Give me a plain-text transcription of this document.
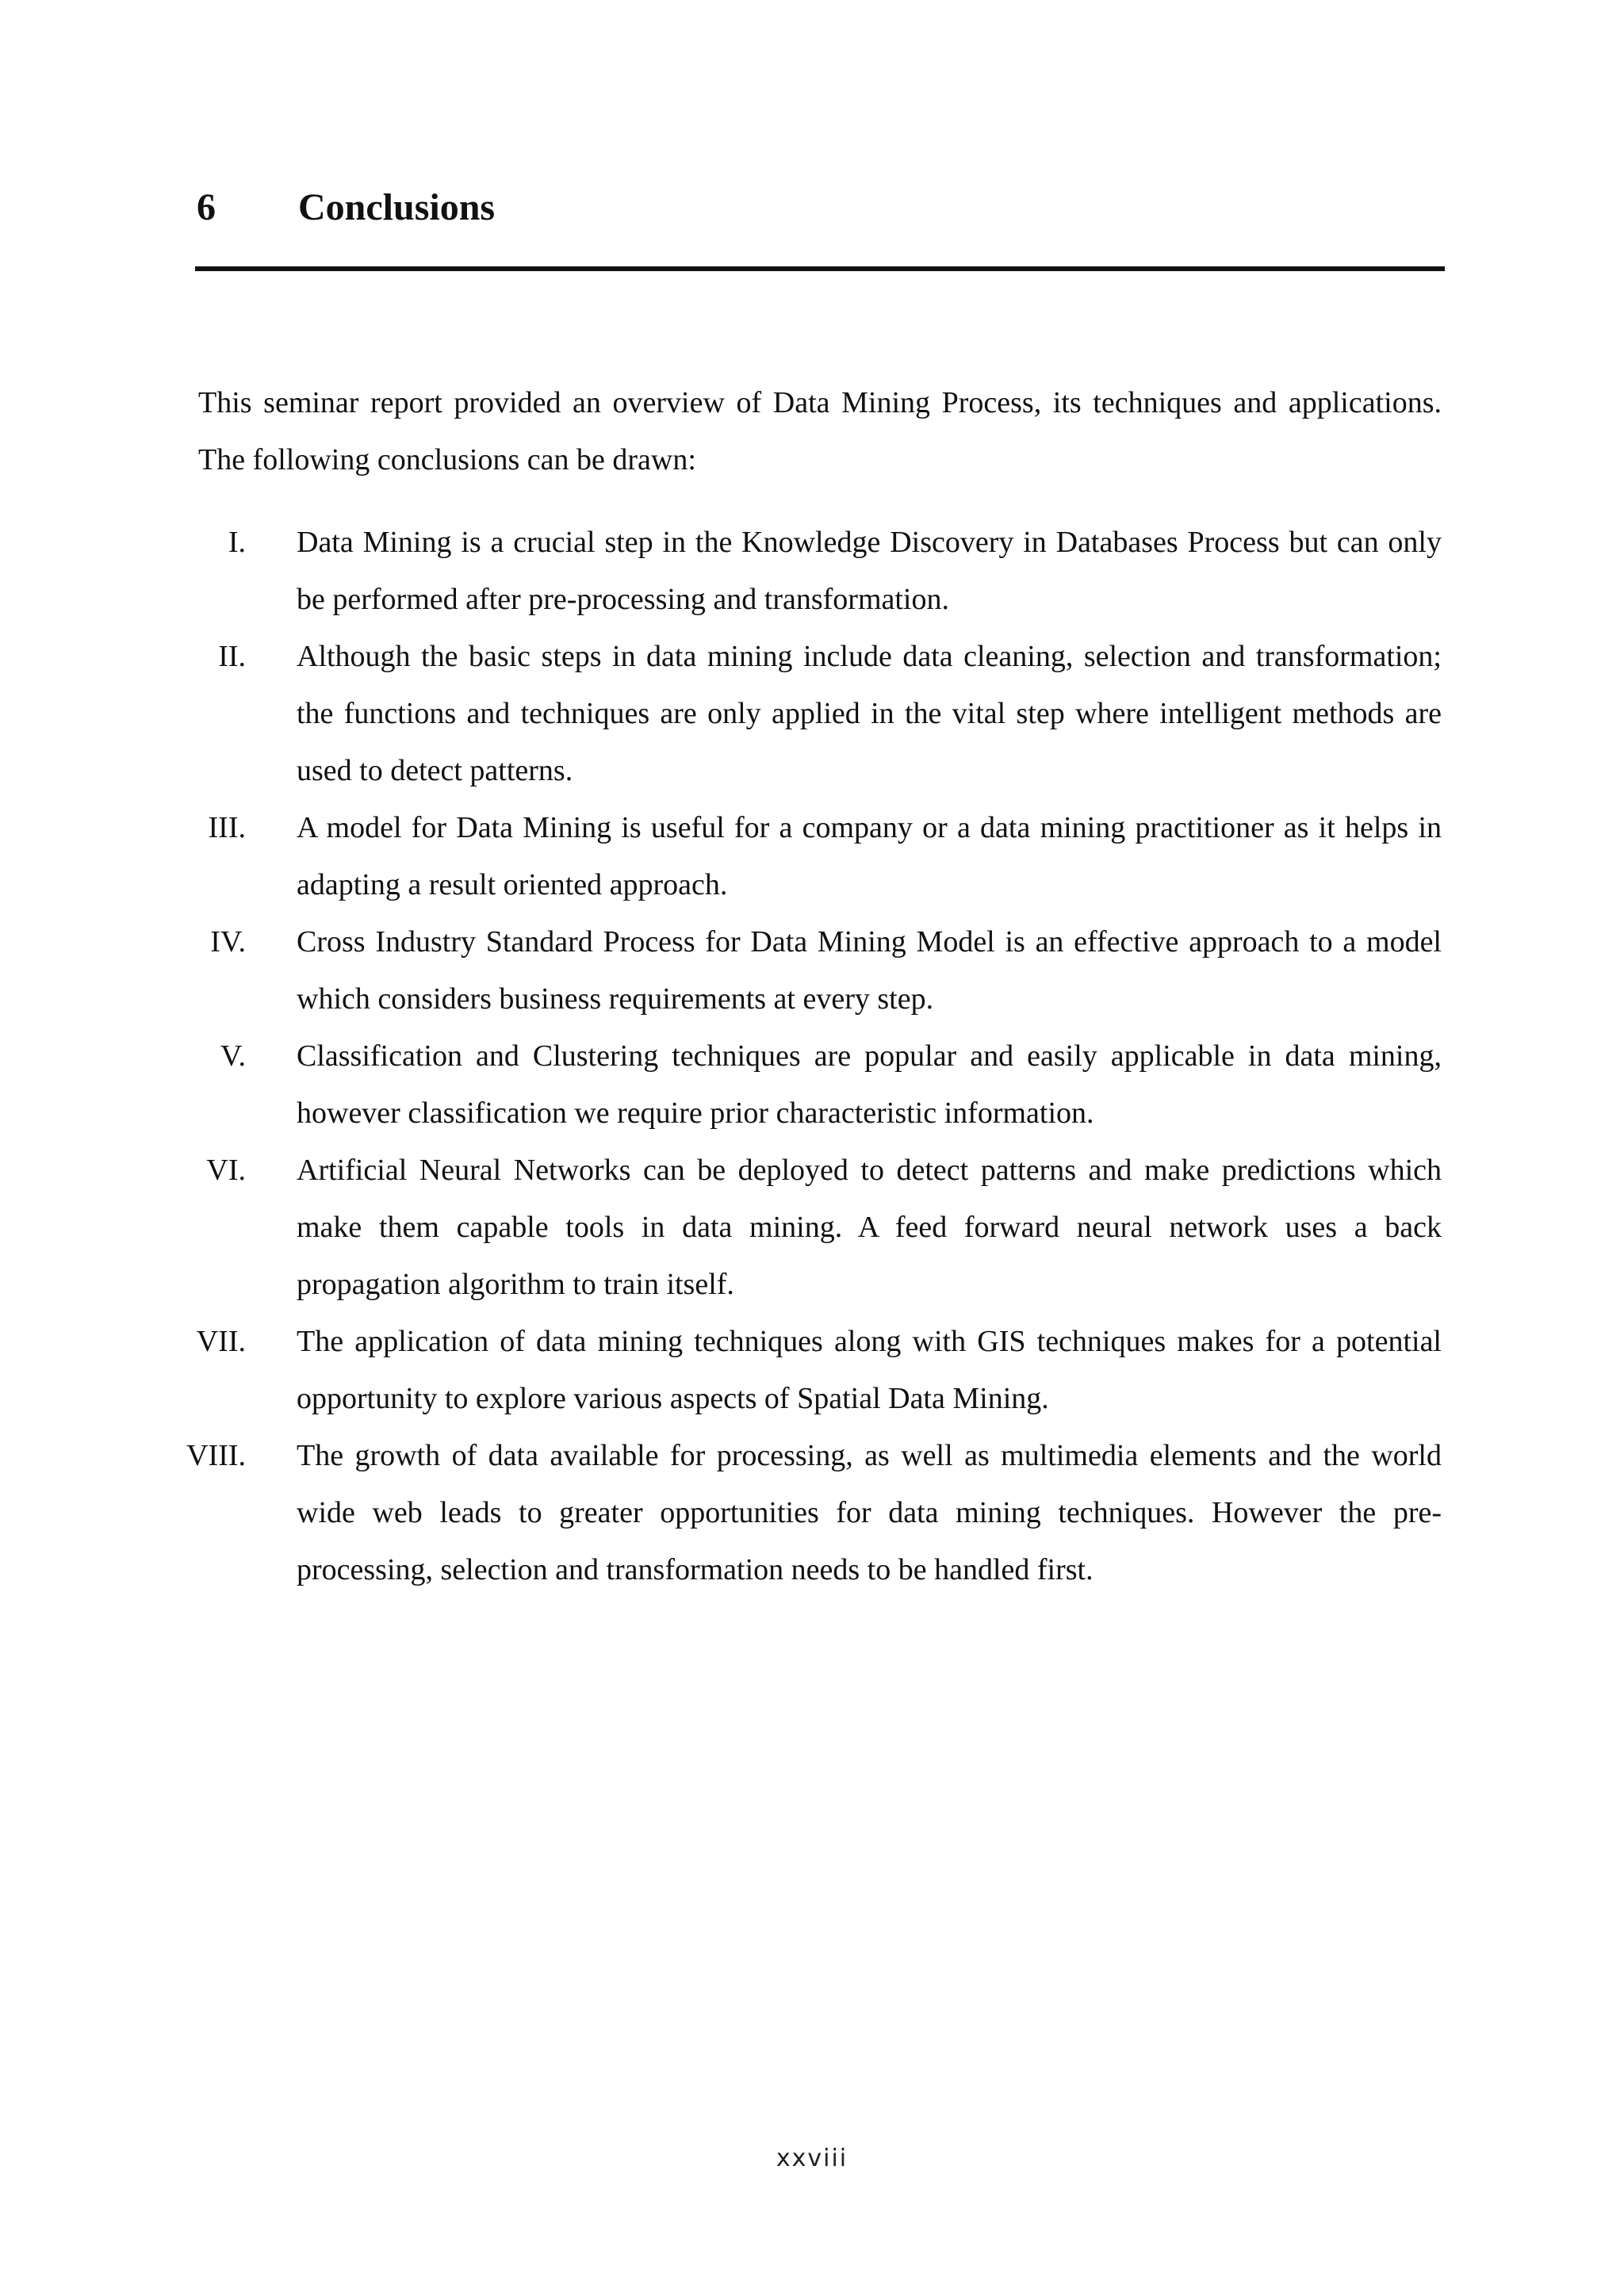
6	Conclusions

This seminar report provided an overview of Data Mining Process, its techniques and applications. The following conclusions can be drawn:

I. Data Mining is a crucial step in the Knowledge Discovery in Databases Process but can only be performed after pre-processing and transformation.
II. Although the basic steps in data mining include data cleaning, selection and transformation; the functions and techniques are only applied in the vital step where intelligent methods are used to detect patterns.
III. A model for Data Mining is useful for a company or a data mining practitioner as it helps in adapting a result oriented approach.
IV. Cross Industry Standard Process for Data Mining Model is an effective approach to a model which considers business requirements at every step.
V. Classification and Clustering techniques are popular and easily applicable in data mining, however classification we require prior characteristic information.
VI. Artificial Neural Networks can be deployed to detect patterns and make predictions which make them capable tools in data mining. A feed forward neural network uses a back propagation algorithm to train itself.
VII. The application of data mining techniques along with GIS techniques makes for a potential opportunity to explore various aspects of Spatial Data Mining.
VIII. The growth of data available for processing, as well as multimedia elements and the world wide web leads to greater opportunities for data mining techniques. However the pre-processing, selection and transformation needs to be handled first.
xxviii
